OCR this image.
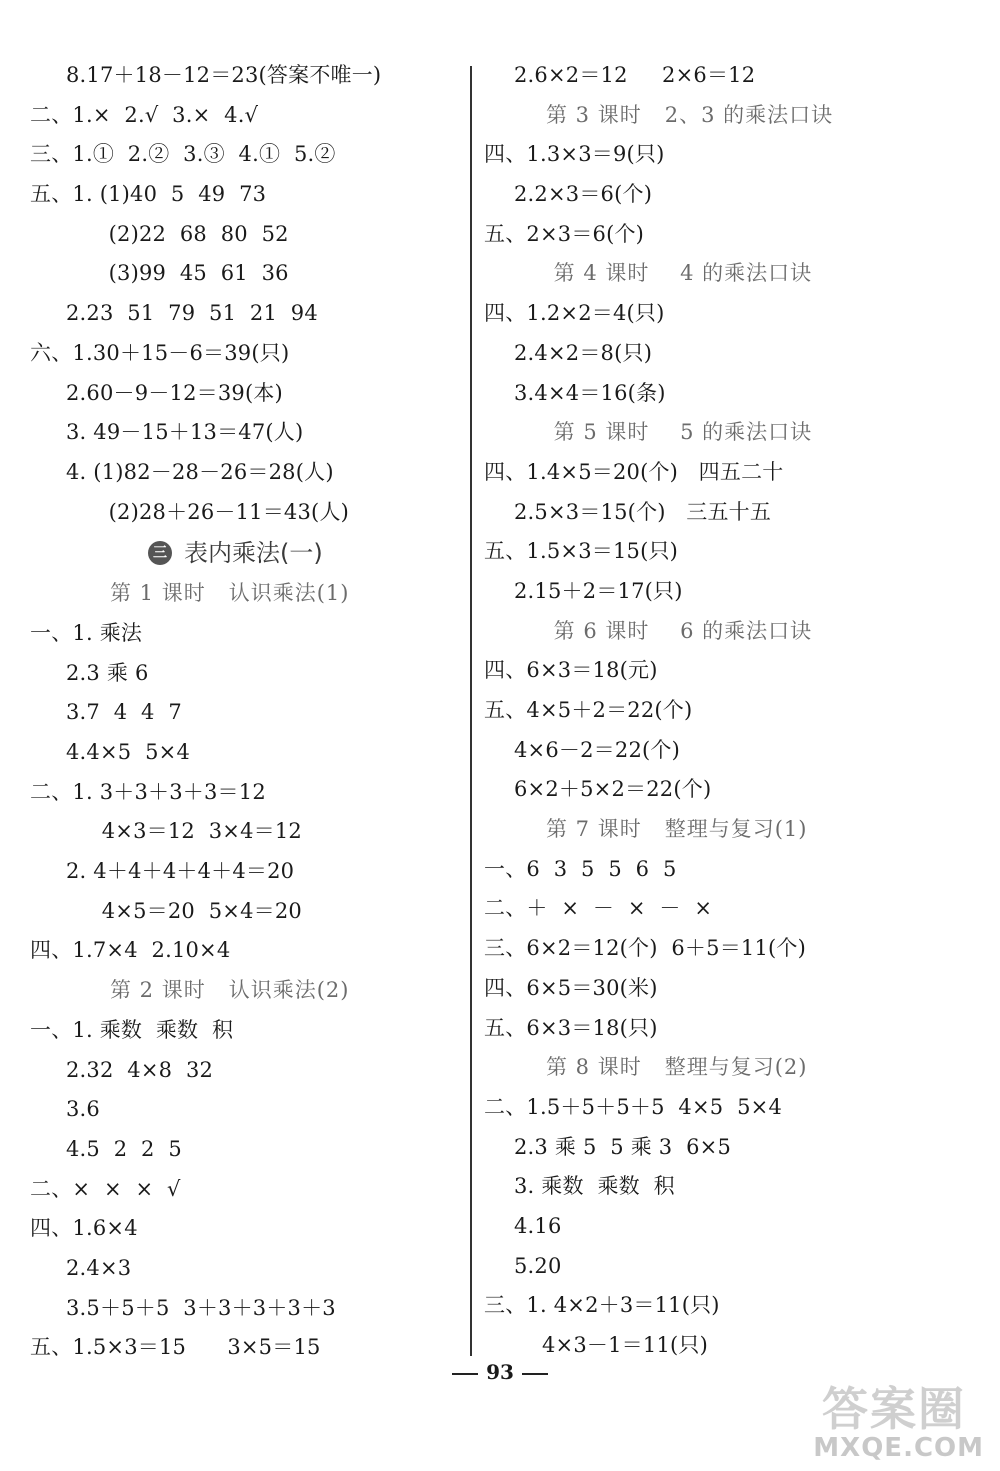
8.17＋18－12＝23(答案不唯一)
二、1.×  2.√  3.×  4.√
三、1.①  2.②  3.③  4.①  5.②
五、1. (1)40  5  49  73
(2)22  68  80  52
(3)99  45  61  36
2.23  51  79  51  21  94
六、1.30＋15－6＝39(只)
2.60－9－12＝39(本)
3. 49－15＋13＝47(人)
4. (1)82－28－26＝28(人)
(2)28＋26－11＝43(人)
三 表内乘法(一)
第 1 课时   认识乘法(1)
一、1. 乘法
2.3 乘 6
3.7  4  4  7
4.4×5  5×4
二、1. 3＋3＋3＋3＝12
4×3＝12  3×4＝12
2. 4＋4＋4＋4＋4＝20
4×5＝20  5×4＝20
四、1.7×4  2.10×4
第 2 课时   认识乘法(2)
一、1. 乘数  乘数  积
2.32  4×8  32
3.6
4.5  2  2  5
二、×  ×  ×  √
四、1.6×4
2.4×3
3.5＋5＋5  3＋3＋3＋3＋3
五、1.5×3＝15      3×5＝15
2.6×2＝12     2×6＝12
第 3 课时   2、3 的乘法口诀
四、1.3×3＝9(只)
2.2×3＝6(个)
五、2×3＝6(个)
第 4 课时    4 的乘法口诀
四、1.2×2＝4(只)
2.4×2＝8(只)
3.4×4＝16(条)
第 5 课时    5 的乘法口诀
四、1.4×5＝20(个)   四五二十
2.5×3＝15(个)   三五十五
五、1.5×3＝15(只)
2.15＋2＝17(只)
第 6 课时    6 的乘法口诀
四、6×3＝18(元)
五、4×5＋2＝22(个)
4×6－2＝22(个)
6×2＋5×2＝22(个)
第 7 课时   整理与复习(1)
一、6  3  5  5  6  5
二、＋  ×  －  ×  －  ×
三、6×2＝12(个)  6＋5＝11(个)
四、6×5＝30(米)
五、6×3＝18(只)
第 8 课时   整理与复习(2)
二、1.5＋5＋5＋5  4×5  5×4
2.3 乘 5  5 乘 3  6×5
3. 乘数  乘数  积
4.16
5.20
三、1. 4×2＋3＝11(只)
4×3－1＝11(只)
93
答案圈
MXQE.COM
